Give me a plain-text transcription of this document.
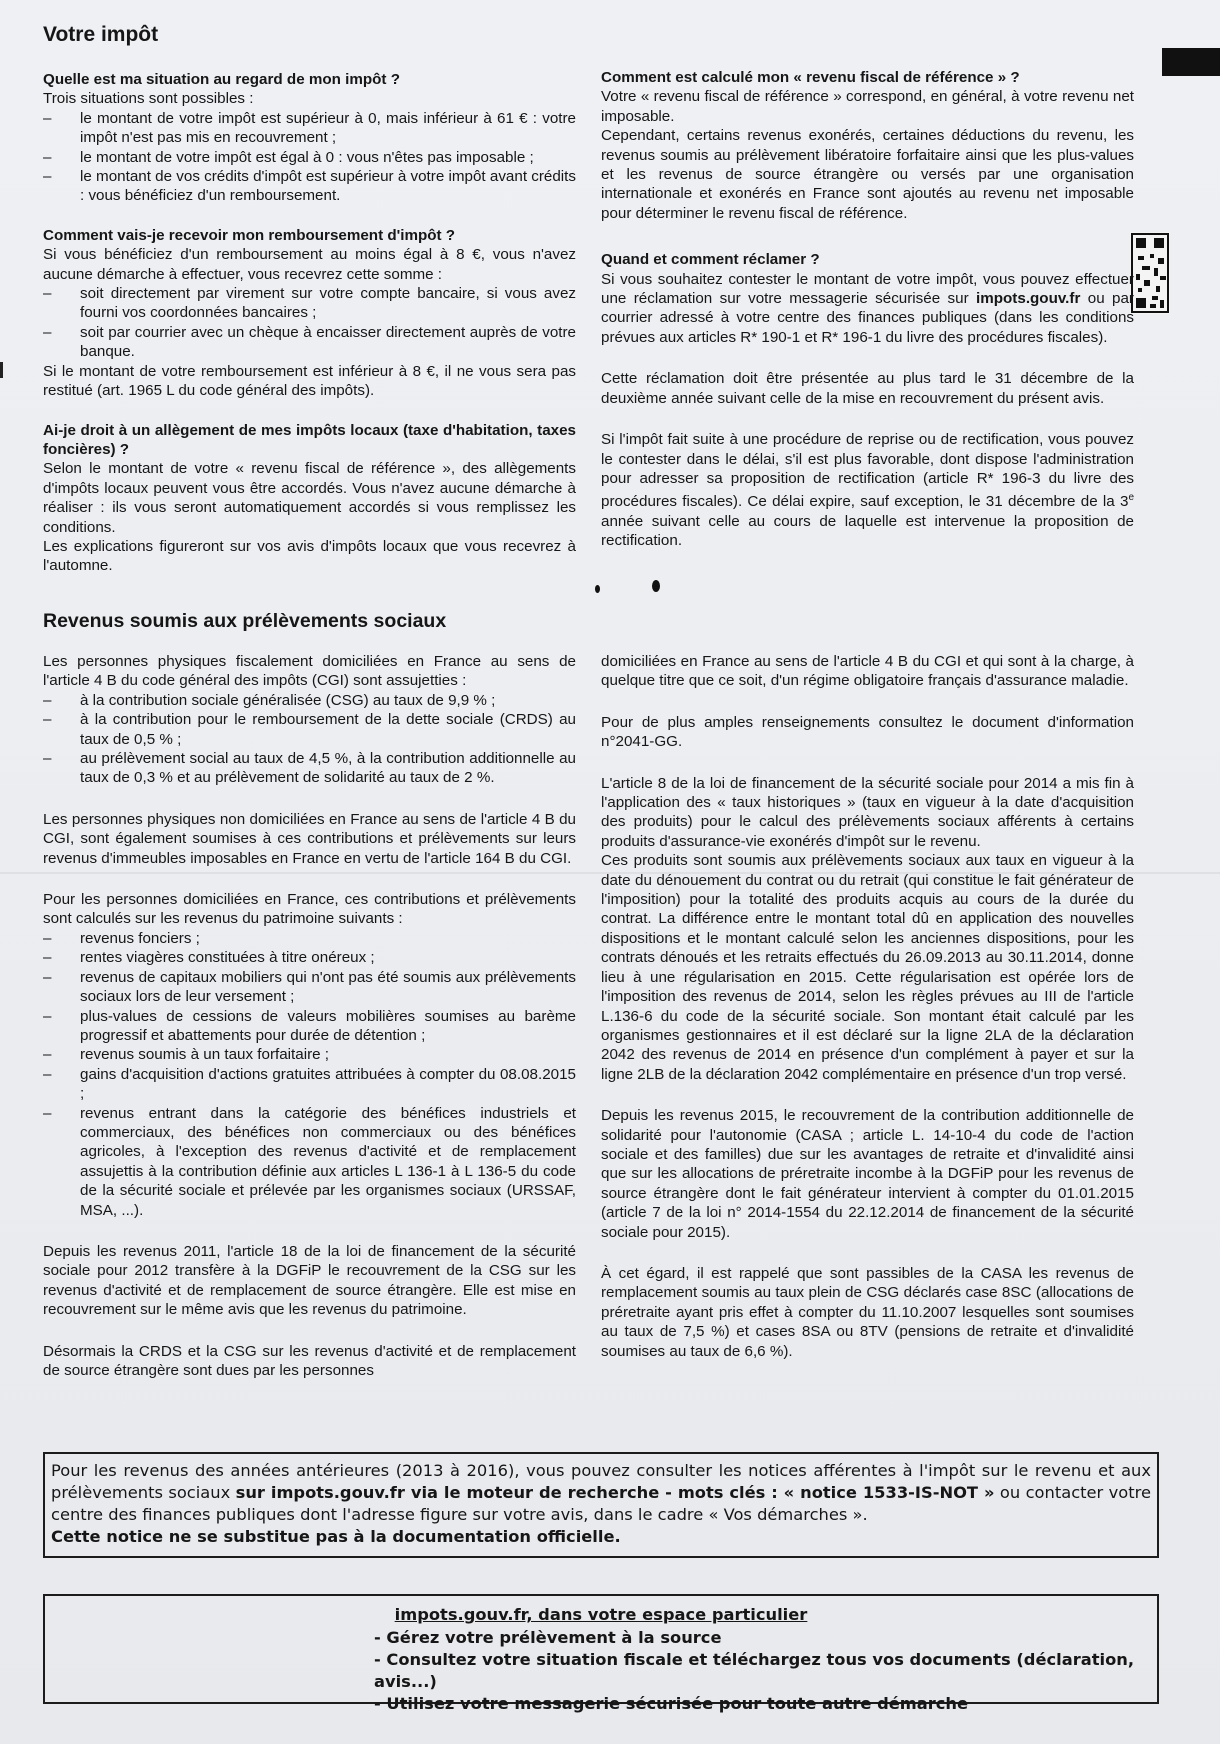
Votre impôt

Quelle est ma situation au regard de mon impôt ?

Trois situations sont possibles :

– le montant de votre impôt est supérieur à 0, mais inférieur à 61 € : votre impôt n'est pas mis en recouvrement ;
– le montant de votre impôt est égal à 0 : vous n'êtes pas imposable ;
– le montant de vos crédits d'impôt est supérieur à votre impôt avant crédits : vous bénéficiez d'un remboursement.

Comment vais-je recevoir mon remboursement d'impôt ?

Si vous bénéficiez d'un remboursement au moins égal à 8 €, vous n'avez aucune démarche à effectuer, vous recevrez cette somme :

– soit directement par virement sur votre compte bancaire, si vous avez fourni vos coordonnées bancaires ;
– soit par courrier avec un chèque à encaisser directement auprès de votre banque.

Si le montant de votre remboursement est inférieur à 8 €, il ne vous sera pas restitué (art. 1965 L du code général des impôts).

Ai-je droit à un allègement de mes impôts locaux (taxe d'habitation, taxes foncières) ?

Selon le montant de votre « revenu fiscal de référence », des allègements d'impôts locaux peuvent vous être accordés. Vous n'avez aucune démarche à réaliser : ils vous seront automatiquement accordés si vous remplissez les conditions.

Les explications figureront sur vos avis d'impôts locaux que vous recevrez à l'automne.

Comment est calculé mon « revenu fiscal de référence » ?

Votre « revenu fiscal de référence » correspond, en général, à votre revenu net imposable.

Cependant, certains revenus exonérés, certaines déductions du revenu, les revenus soumis au prélèvement libératoire forfaitaire ainsi que les plus-values et les revenus de source étrangère ou versés par une organisation internationale et exonérés en France sont ajoutés au revenu net imposable pour déterminer le revenu fiscal de référence.

Quand et comment réclamer ?

Si vous souhaitez contester le montant de votre impôt, vous pouvez effectuer une réclamation sur votre messagerie sécurisée sur impots.gouv.fr ou par courrier adressé à votre centre des finances publiques (dans les conditions prévues aux articles R* 190-1 et R* 196-1 du livre des procédures fiscales).

Cette réclamation doit être présentée au plus tard le 31 décembre de la deuxième année suivant celle de la mise en recouvrement du présent avis.

Si l'impôt fait suite à une procédure de reprise ou de rectification, vous pouvez le contester dans le délai, s'il est plus favorable, dont dispose l'administration pour adresser sa proposition de rectification (article R* 196-3 du livre des procédures fiscales). Ce délai expire, sauf exception, le 31 décembre de la 3e année suivant celle au cours de laquelle est intervenue la proposition de rectification.

Revenus soumis aux prélèvements sociaux

Les personnes physiques fiscalement domiciliées en France au sens de l'article 4 B du code général des impôts (CGI) sont assujetties :

– à la contribution sociale généralisée (CSG) au taux de 9,9 % ;
– à la contribution pour le remboursement de la dette sociale (CRDS) au taux de 0,5 % ;
– au prélèvement social au taux de 4,5 %, à la contribution additionnelle au taux de 0,3 % et au prélèvement de solidarité au taux de 2 %.

Les personnes physiques non domiciliées en France au sens de l'article 4 B du CGI, sont également soumises à ces contributions et prélèvements sur leurs revenus d'immeubles imposables en France en vertu de l'article 164 B du CGI.

Pour les personnes domiciliées en France, ces contributions et prélèvements sont calculés sur les revenus du patrimoine suivants :

– revenus fonciers ;
– rentes viagères constituées à titre onéreux ;
– revenus de capitaux mobiliers qui n'ont pas été soumis aux prélèvements sociaux lors de leur versement ;
– plus-values de cessions de valeurs mobilières soumises au barème progressif et abattements pour durée de détention ;
– revenus soumis à un taux forfaitaire ;
– gains d'acquisition d'actions gratuites attribuées à compter du 08.08.2015 ;
– revenus entrant dans la catégorie des bénéfices industriels et commerciaux, des bénéfices non commerciaux ou des bénéfices agricoles, à l'exception des revenus d'activité et de remplacement assujettis à la contribution définie aux articles L 136-1 à L 136-5 du code de la sécurité sociale et prélevée par les organismes sociaux (URSSAF, MSA, ...).

Depuis les revenus 2011, l'article 18 de la loi de financement de la sécurité sociale pour 2012 transfère à la DGFiP le recouvrement de la CSG sur les revenus d'activité et de remplacement de source étrangère. Elle est mise en recouvrement sur le même avis que les revenus du patrimoine.

Désormais la CRDS et la CSG sur les revenus d'activité et de remplacement de source étrangère sont dues par les personnes

domiciliées en France au sens de l'article 4 B du CGI et qui sont à la charge, à quelque titre que ce soit, d'un régime obligatoire français d'assurance maladie.

Pour de plus amples renseignements consultez le document d'information n°2041-GG.

L'article 8 de la loi de financement de la sécurité sociale pour 2014 a mis fin à l'application des « taux historiques » (taux en vigueur à la date d'acquisition des produits) pour le calcul des prélèvements sociaux afférents à certains produits d'assurance-vie exonérés d'impôt sur le revenu.

Ces produits sont soumis aux prélèvements sociaux aux taux en vigueur à la date du dénouement du contrat ou du retrait (qui constitue le fait générateur de l'imposition) pour la totalité des produits acquis au cours de la durée du contrat. La différence entre le montant total dû en application des nouvelles dispositions et le montant calculé selon les anciennes dispositions, pour les contrats dénoués et les retraits effectués du 26.09.2013 au 30.11.2014, donne lieu à une régularisation en 2015. Cette régularisation est opérée lors de l'imposition des revenus de 2014, selon les règles prévues au III de l'article L.136-6 du code de la sécurité sociale. Son montant était calculé par les organismes gestionnaires et il est déclaré sur la ligne 2LA de la déclaration 2042 des revenus de 2014 en présence d'un complément à payer et sur la ligne 2LB de la déclaration 2042 complémentaire en présence d'un trop versé.

Depuis les revenus 2015, le recouvrement de la contribution additionnelle de solidarité pour l'autonomie (CASA ; article L. 14-10-4 du code de l'action sociale et des familles) due sur les avantages de retraite et d'invalidité ainsi que sur les allocations de préretraite incombe à la DGFiP pour les revenus de source étrangère dont le fait générateur intervient à compter du 01.01.2015 (article 7 de la loi n° 2014-1554 du 22.12.2014 de financement de la sécurité sociale pour 2015).

À cet égard, il est rappelé que sont passibles de la CASA les revenus de remplacement soumis au taux plein de CSG déclarés case 8SC (allocations de préretraite ayant pris effet à compter du 11.10.2007 lesquelles sont soumises au taux de 7,5 %) et cases 8SA ou 8TV (pensions de retraite et d'invalidité soumises au taux de 6,6 %).

Pour les revenus des années antérieures (2013 à 2016), vous pouvez consulter les notices afférentes à l'impôt sur le revenu et aux prélèvements sociaux sur impots.gouv.fr via le moteur de recherche - mots clés : « notice 1533-IS-NOT » ou contacter votre centre des finances publiques dont l'adresse figure sur votre avis, dans le cadre « Vos démarches ».
Cette notice ne se substitue pas à la documentation officielle.
impots.gouv.fr, dans votre espace particulier
- Gérez votre prélèvement à la source
- Consultez votre situation fiscale et téléchargez tous vos documents (déclaration, avis...)
- Utilisez votre messagerie sécurisée pour toute autre démarche
